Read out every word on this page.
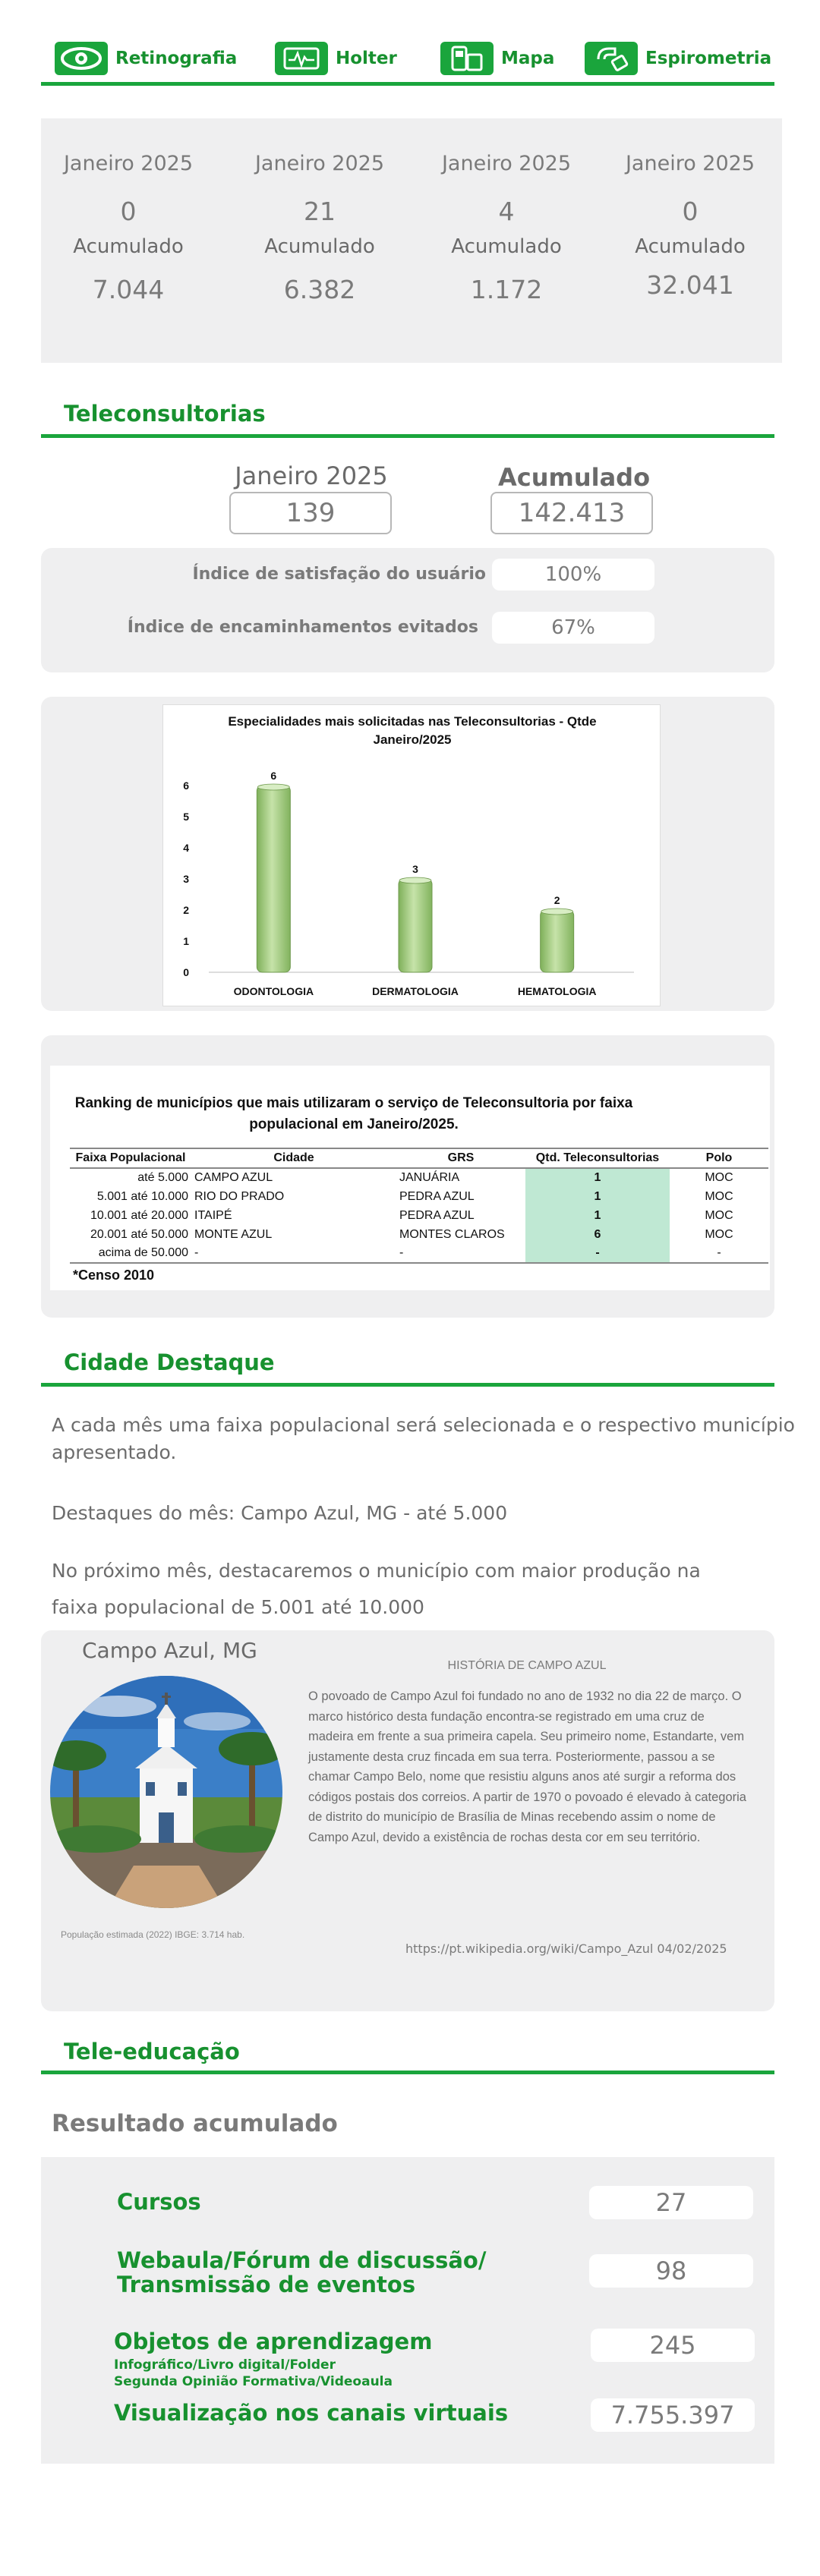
Retinografia	Holter	Mapa	Espirometria
Janeiro 2025
0
Acumulado
7.044
Janeiro 2025
21
Acumulado
6.382
Janeiro 2025
4
Acumulado
1.172
Janeiro 2025
0
Acumulado
32.041
Teleconsultorias
Janeiro 2025
139
Acumulado
142.413
Índice de satisfação do usuário	100%
Índice de encaminhamentos evitados	67%
Especialidades mais solicitadas nas Teleconsultorias - Qtde
Janeiro/2025
0
1
2
3
4
5
6
6
ODONTOLOGIA
3
DERMATOLOGIA
2
HEMATOLOGIA
Ranking de municípios que mais utilizaram o serviço de Teleconsultoria por faixa
populacional em Janeiro/2025.
Faixa Populacional	Cidade	GRS	Qtd. Teleconsultorias	Polo
até 5.000	CAMPO AZUL	JANUÁRIA	1	MOC
5.001 até 10.000	RIO DO PRADO	PEDRA AZUL	1	MOC
10.001 até 20.000	ITAIPÉ	PEDRA AZUL	1	MOC
20.001 até 50.000	MONTE AZUL	MONTES CLAROS	6	MOC
acima de 50.000	-	-	-	-
*Censo 2010
Cidade Destaque
A cada mês uma faixa populacional será selecionada e o respectivo município
apresentado.
Destaques do mês: Campo Azul, MG - até 5.000
No próximo mês, destacaremos o município com maior produção na
faixa populacional de 5.001 até 10.000
Campo Azul, MG
População estimada (2022) IBGE: 3.714 hab.
HISTÓRIA DE CAMPO AZUL
O povoado de Campo Azul foi fundado no ano de 1932 no dia 22 de março. O marco histórico desta fundação encontra-se registrado em uma cruz de madeira em frente a sua primeira capela. Seu primeiro nome, Estandarte, vem justamente desta cruz fincada em sua terra. Posteriormente, passou a se chamar Campo Belo, nome que resistiu alguns anos até surgir a reforma dos códigos postais dos correios. A partir de 1970 o povoado é elevado à categoria de distrito do município de Brasília de Minas recebendo assim o nome de Campo Azul, devido a existência de rochas desta cor em seu território.
https://pt.wikipedia.org/wiki/Campo_Azul 04/02/2025
Tele-educação
Resultado acumulado
Cursos	27
Webaula/Fórum de discussão/
Transmissão de eventos	98
Objetos de aprendizagem
Infográfico/Livro digital/Folder
Segunda Opinião Formativa/Videoaula
245
Visualização nos canais virtuais	7.755.397
